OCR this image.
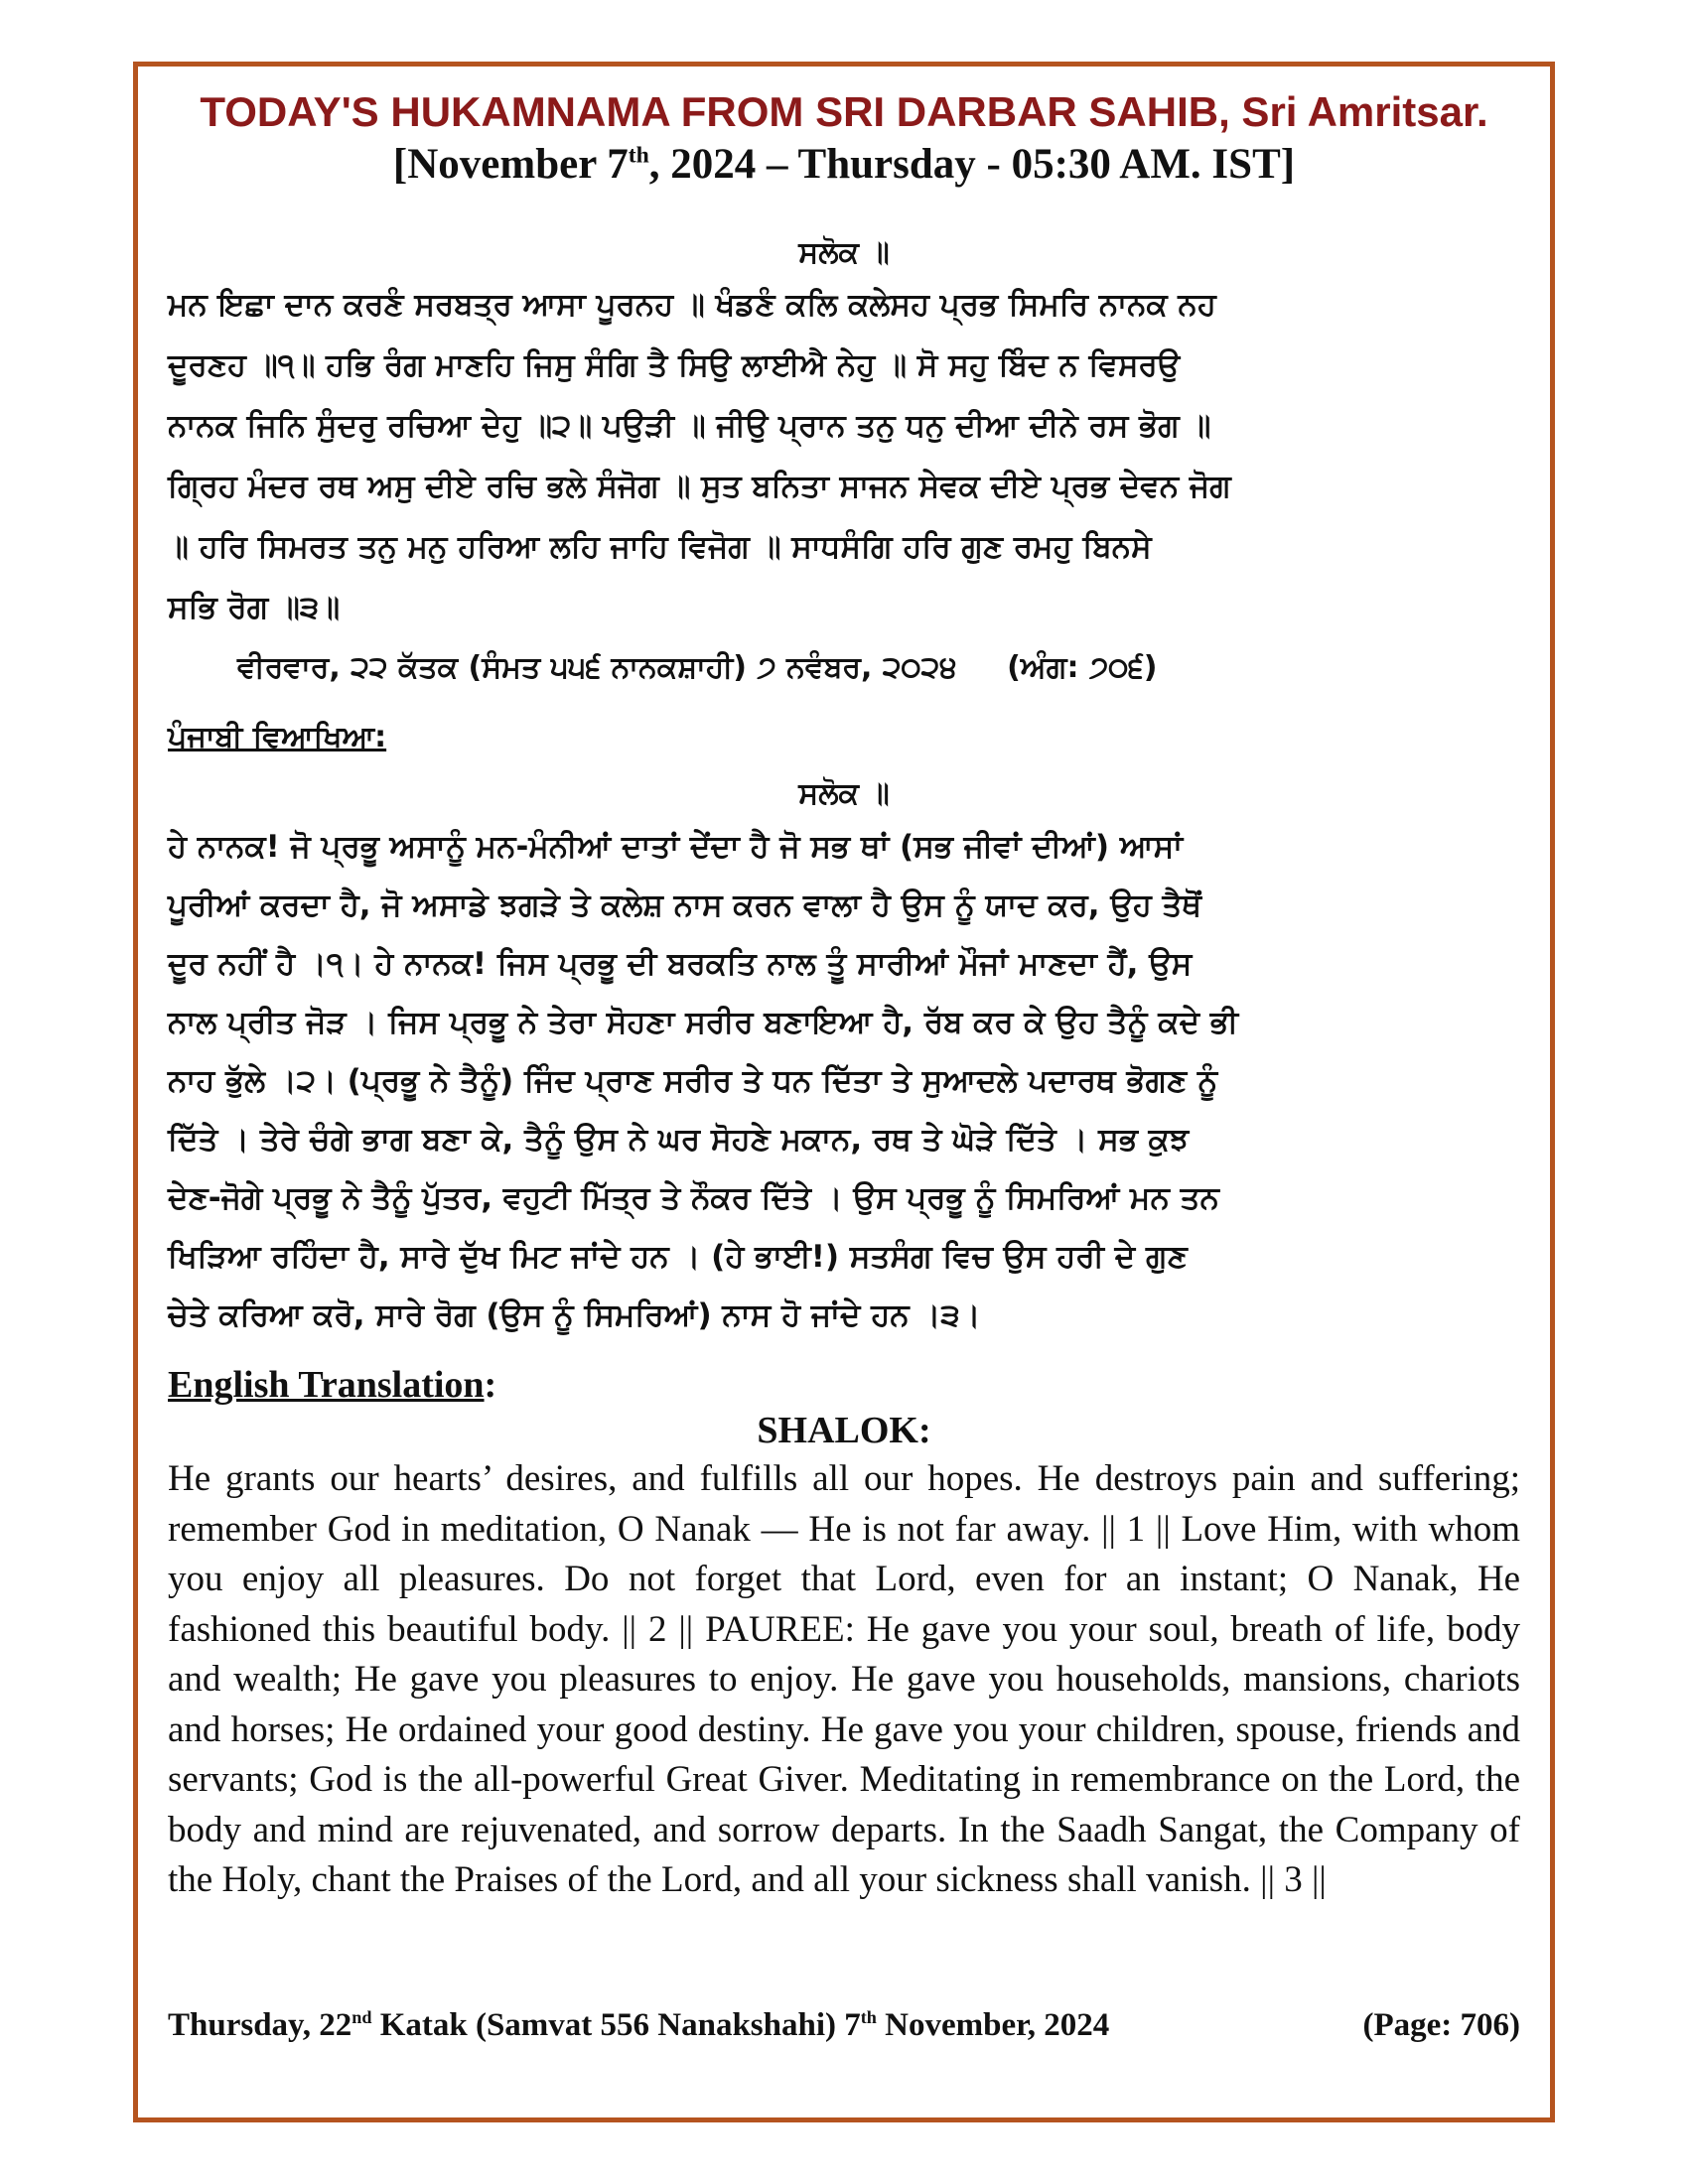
TODAY'S HUKAMNAMA FROM SRI DARBAR SAHIB, Sri Amritsar.
[November 7th, 2024 – Thursday - 05:30 AM. IST]
ਸਲੋਕ ॥
ਮਨ ਇਛਾ ਦਾਨ ਕਰਣੰ ਸਰਬਤ੍ਰ ਆਸਾ ਪੂਰਨਹ ॥ ਖੰਡਣੰ ਕਲਿ ਕਲੇਸਹ ਪ੍ਰਭ ਸਿਮਰਿ ਨਾਨਕ ਨਹ
ਦੂਰਣਹ ॥੧॥ ਹਭਿ ਰੰਗ ਮਾਣਹਿ ਜਿਸੁ ਸੰਗਿ ਤੈ ਸਿਉ ਲਾਈਐ ਨੇਹੁ ॥ ਸੋ ਸਹੁ ਬਿੰਦ ਨ ਵਿਸਰਉ
ਨਾਨਕ ਜਿਨਿ ਸੁੰਦਰੁ ਰਚਿਆ ਦੇਹੁ ॥੨॥ ਪਉੜੀ ॥ ਜੀਉ ਪ੍ਰਾਨ ਤਨੁ ਧਨੁ ਦੀਆ ਦੀਨੇ ਰਸ ਭੋਗ ॥
ਗ੍ਰਿਹ ਮੰਦਰ ਰਥ ਅਸੁ ਦੀਏ ਰਚਿ ਭਲੇ ਸੰਜੋਗ ॥ ਸੁਤ ਬਨਿਤਾ ਸਾਜਨ ਸੇਵਕ ਦੀਏ ਪ੍ਰਭ ਦੇਵਨ ਜੋਗ
॥ ਹਰਿ ਸਿਮਰਤ ਤਨੁ ਮਨੁ ਹਰਿਆ ਲਹਿ ਜਾਹਿ ਵਿਜੋਗ ॥ ਸਾਧਸੰਗਿ ਹਰਿ ਗੁਣ ਰਮਹੁ ਬਿਨਸੇ
ਸਭਿ ਰੋਗ ॥੩॥
ਵੀਰਵਾਰ, ੨੨ ਕੱਤਕ (ਸੰਮਤ ੫੫੬ ਨਾਨਕਸ਼ਾਹੀ) ੭ ਨਵੰਬਰ, ੨੦੨੪ (ਅੰਗ: ੭੦੬)
ਪੰਜਾਬੀ ਵਿਆਖਿਆ:
ਸਲੋਕ ॥
ਹੇ ਨਾਨਕ! ਜੋ ਪ੍ਰਭੂ ਅਸਾਨੂੰ ਮਨ-ਮੰਨੀਆਂ ਦਾਤਾਂ ਦੇਂਦਾ ਹੈ ਜੋ ਸਭ ਥਾਂ (ਸਭ ਜੀਵਾਂ ਦੀਆਂ) ਆਸਾਂ
ਪੂਰੀਆਂ ਕਰਦਾ ਹੈ, ਜੋ ਅਸਾਡੇ ਝਗੜੇ ਤੇ ਕਲੇਸ਼ ਨਾਸ ਕਰਨ ਵਾਲਾ ਹੈ ਉਸ ਨੂੰ ਯਾਦ ਕਰ, ਉਹ ਤੈਥੋਂ
ਦੂਰ ਨਹੀਂ ਹੈ ।੧। ਹੇ ਨਾਨਕ! ਜਿਸ ਪ੍ਰਭੂ ਦੀ ਬਰਕਤਿ ਨਾਲ ਤੂੰ ਸਾਰੀਆਂ ਮੌਜਾਂ ਮਾਣਦਾ ਹੈਂ, ਉਸ
ਨਾਲ ਪ੍ਰੀਤ ਜੋੜ । ਜਿਸ ਪ੍ਰਭੂ ਨੇ ਤੇਰਾ ਸੋਹਣਾ ਸਰੀਰ ਬਣਾਇਆ ਹੈ, ਰੱਬ ਕਰ ਕੇ ਉਹ ਤੈਨੂੰ ਕਦੇ ਭੀ
ਨਾਹ ਭੁੱਲੇ ।੨। (ਪ੍ਰਭੂ ਨੇ ਤੈਨੂੰ) ਜਿੰਦ ਪ੍ਰਾਣ ਸਰੀਰ ਤੇ ਧਨ ਦਿੱਤਾ ਤੇ ਸੁਆਦਲੇ ਪਦਾਰਥ ਭੋਗਣ ਨੂੰ
ਦਿੱਤੇ । ਤੇਰੇ ਚੰਗੇ ਭਾਗ ਬਣਾ ਕੇ, ਤੈਨੂੰ ਉਸ ਨੇ ਘਰ ਸੋਹਣੇ ਮਕਾਨ, ਰਥ ਤੇ ਘੋੜੇ ਦਿੱਤੇ । ਸਭ ਕੁਝ
ਦੇਣ-ਜੋਗੇ ਪ੍ਰਭੂ ਨੇ ਤੈਨੂੰ ਪੁੱਤਰ, ਵਹੁਟੀ ਮਿੱਤ੍ਰ ਤੇ ਨੌਕਰ ਦਿੱਤੇ । ਉਸ ਪ੍ਰਭੂ ਨੂੰ ਸਿਮਰਿਆਂ ਮਨ ਤਨ
ਖਿੜਿਆ ਰਹਿੰਦਾ ਹੈ, ਸਾਰੇ ਦੁੱਖ ਮਿਟ ਜਾਂਦੇ ਹਨ । (ਹੇ ਭਾਈ!) ਸਤਸੰਗ ਵਿਚ ਉਸ ਹਰੀ ਦੇ ਗੁਣ
ਚੇਤੇ ਕਰਿਆ ਕਰੋ, ਸਾਰੇ ਰੋਗ (ਉਸ ਨੂੰ ਸਿਮਰਿਆਂ) ਨਾਸ ਹੋ ਜਾਂਦੇ ਹਨ ।੩।
English Translation:
SHALOK:
He grants our hearts’ desires, and fulfills all our hopes. He destroys pain and suffering; remember God in meditation, O Nanak — He is not far away. || 1 || Love Him, with whom you enjoy all pleasures. Do not forget that Lord, even for an instant; O Nanak, He fashioned this beautiful body. || 2 || PAUREE: He gave you your soul, breath of life, body and wealth; He gave you pleasures to enjoy. He gave you households, mansions, chariots and horses; He ordained your good destiny. He gave you your children, spouse, friends and servants; God is the all-powerful Great Giver. Meditating in remembrance on the Lord, the body and mind are rejuvenated, and sorrow departs. In the Saadh Sangat, the Company of the Holy, chant the Praises of the Lord, and all your sickness shall vanish. || 3 ||
Thursday, 22nd Katak (Samvat 556 Nanakshahi) 7th November, 2024	(Page: 706)
